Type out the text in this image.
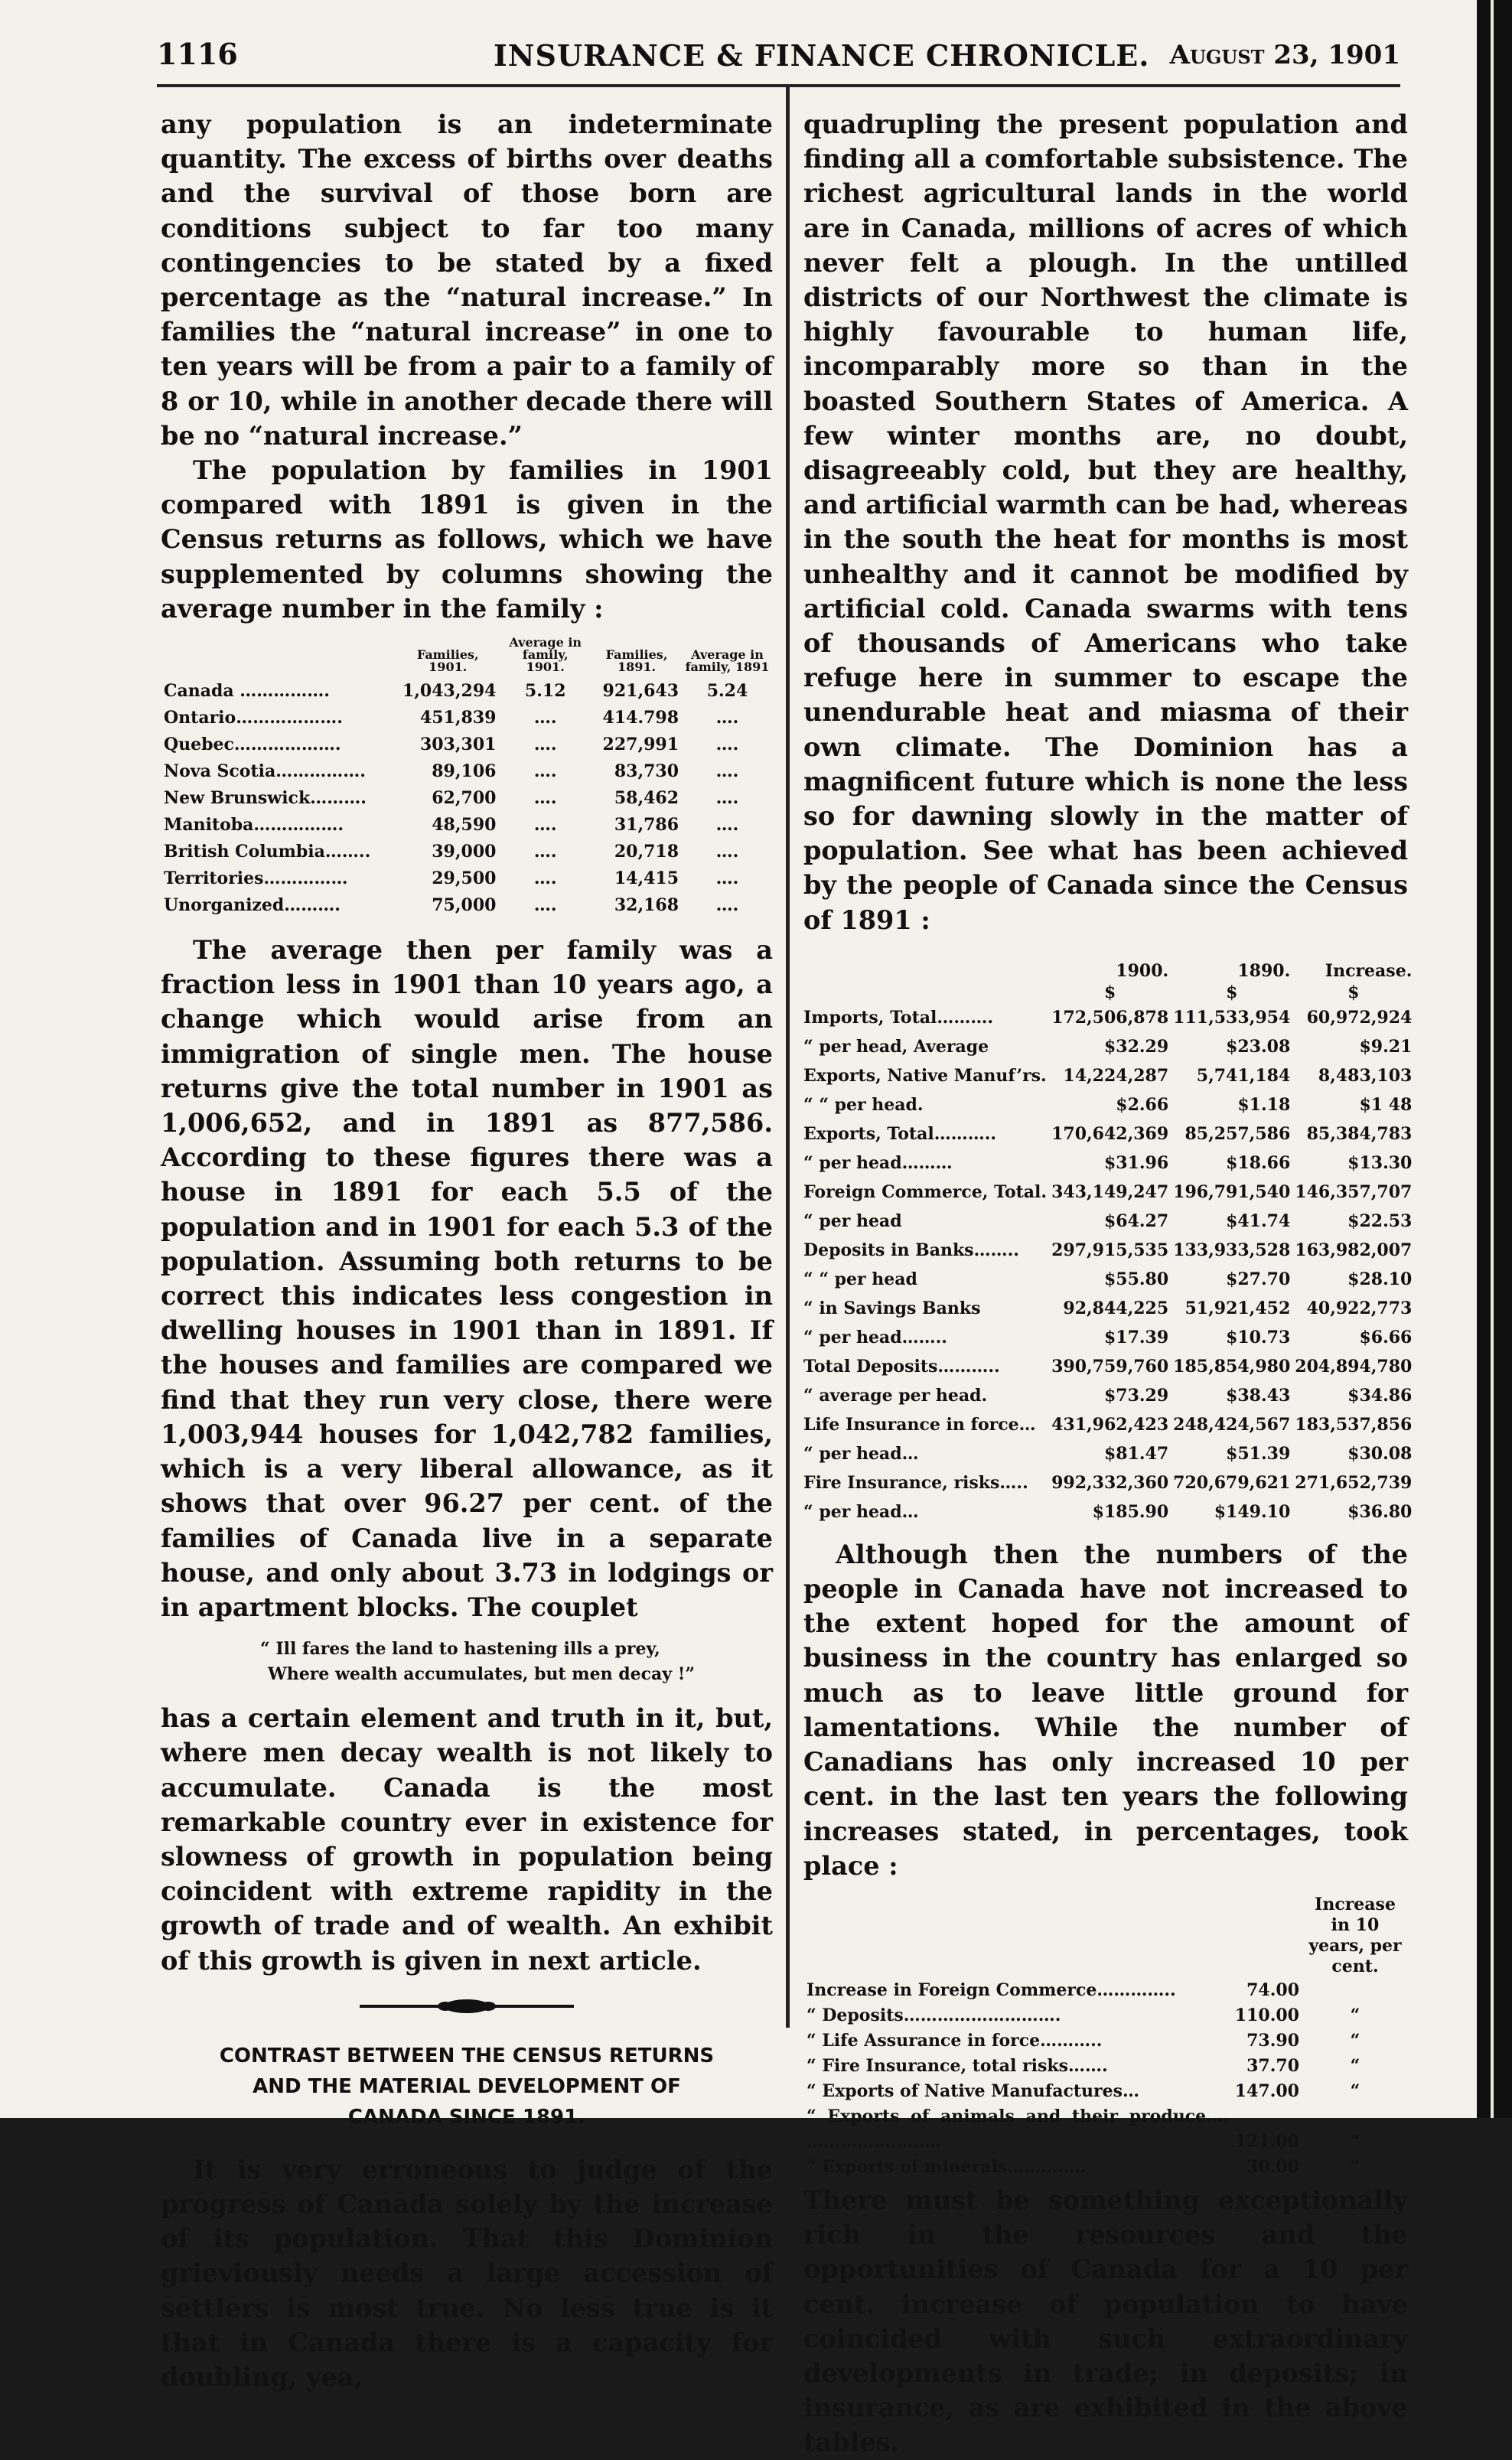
1116	INSURANCE & FINANCE CHRONICLE. August 23, 1901

any population is an indeterminate quantity. The excess of births over deaths and the survival of those born are conditions subject to far too many contingencies to be stated by a fixed percentage as the “natural increase.” In families the “natural increase” in one to ten years will be from a pair to a family of 8 or 10, while in another decade there will be no “natural increase.”

The population by families in 1901 compared with 1891 is given in the Census returns as follows, which we have supplemented by columns showing the average number in the family :

	Families, 1901.	Average in family, 1901.	Families, 1891.	Average in family, 1891
Canada …………….	1,043,294	5.12	921,643	5.24
Ontario……………….	451,839	….	414.798	….
Quebec……………….	303,301	….	227,991	….
Nova Scotia…………….	89,106	….	83,730	….
New Brunswick……….	62,700	….	58,462	….
Manitoba…………….	48,590	….	31,786	….
British Columbia……..	39,000	….	20,718	….
Territories……………	29,500	….	14,415	….
Unorganized……….	75,000	….	32,168	….

The average then per family was a fraction less in 1901 than 10 years ago, a change which would arise from an immigration of single men. The house returns give the total number in 1901 as 1,006,652, and in 1891 as 877,586. According to these figures there was a house in 1891 for each 5.5 of the population and in 1901 for each 5.3 of the population. Assuming both returns to be correct this indicates less congestion in dwelling houses in 1901 than in 1891. If the houses and families are compared we find that they run very close, there were 1,003,944 houses for 1,042,782 families, which is a very liberal allowance, as it shows that over 96.27 per cent. of the families of Canada live in a separate house, and only about 3.73 in lodgings or in apartment blocks. The couplet

“ Ill fares the land to hastening ills a prey,
Where wealth accumulates, but men decay !”

has a certain element and truth in it, but, where men decay wealth is not likely to accumulate. Canada is the most remarkable country ever in existence for slowness of growth in population being coincident with extreme rapidity in the growth of trade and of wealth. An exhibit of this growth is given in next article.

CONTRAST BETWEEN THE CENSUS RETURNS
AND THE MATERIAL DEVELOPMENT OF
CANADA SINCE 1891.

It is very erroneous to judge of the progress of Canada solely by the increase of its population. That this Dominion grieviously needs a large accession of settlers is most true. No less true is it that in Canada there is a capacity for doubling, yea,

quadrupling the present population and finding all a comfortable subsistence. The richest agricultural lands in the world are in Canada, millions of acres of which never felt a plough. In the untilled districts of our Northwest the climate is highly favourable to human life, incomparably more so than in the boasted Southern States of America. A few winter months are, no doubt, disagreeably cold, but they are healthy, and artificial warmth can be had, whereas in the south the heat for months is most unhealthy and it cannot be modified by artificial cold. Canada swarms with tens of thousands of Americans who take refuge here in summer to escape the unendurable heat and miasma of their own climate. The Dominion has a magnificent future which is none the less so for dawning slowly in the matter of population. See what has been achieved by the people of Canada since the Census of 1891 :

	1900.	1890.	Increase.
	$	$	$
Imports, Total……….	172,506,878	111,533,954	60,972,924
“ per head, Average	$32.29	$23.08	$9.21
Exports, Native Manuf’rs.	14,224,287	5,741,184	8,483,103
“ “ per head.	$2.66	$1.18	$1 48
Exports, Total………..	170,642,369	85,257,586	85,384,783
“ per head………	$31.96	$18.66	$13.30
Foreign Commerce, Total.	343,149,247	196,791,540	146,357,707
“ per head	$64.27	$41.74	$22.53
Deposits in Banks……..	297,915,535	133,933,528	163,982,007
“ “ per head	$55.80	$27.70	$28.10
“ in Savings Banks	92,844,225	51,921,452	40,922,773
“ per head……..	$17.39	$10.73	$6.66
Total Deposits………..	390,759,760	185,854,980	204,894,780
“ average per head.	$73.29	$38.43	$34.86
Life Insurance in force…	431,962,423	248,424,567	183,537,856
“ per head…	$81.47	$51.39	$30.08
Fire Insurance, risks…..	992,332,360	720,679,621	271,652,739
“ per head…	$185.90	$149.10	$36.80

Although then the numbers of the people in Canada have not increased to the extent hoped for the amount of business in the country has enlarged so much as to leave little ground for lamentations. While the number of Canadians has only increased 10 per cent. in the last ten years the following increases stated, in percentages, took place :

		Increase in 10 years, per cent.
Increase in Foreign Commerce…………..	74.00	
“ Deposits……………………….	110.00	“
“ Life Assurance in force………..	73.90	“
“ Fire Insurance, total risks…….	37.70	“
“ Exports of Native Manufactures…	147.00	“
“ Exports of animals and their produce…. ……………………	121.00	“
“ Exports of minerals…………..	30.00	“

There must be something exceptionally rich in the resources and the opportunities of Canada for a 10 per cent. increase of population to have coincided with such extraordinary developments in trade; in deposits; in insurance, as are exhibited in the above tables.
